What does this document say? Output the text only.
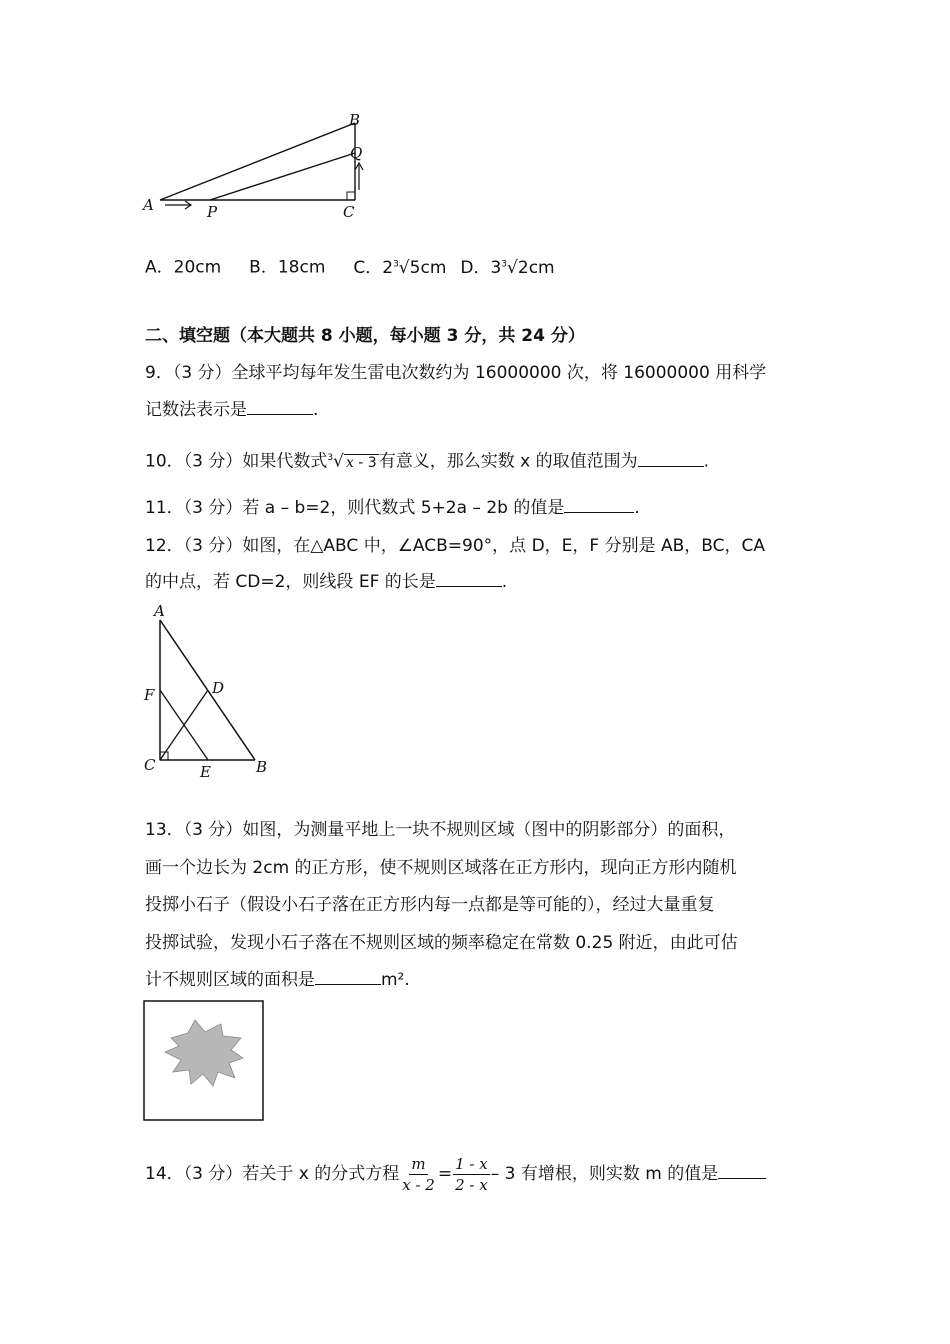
A	P	C
B
Q
A．20cm B．18cm C．$2^3√5cm$ D．$3^3√2cm$
二、填空题（本大题共 8 小题，每小题 3 分，共 24 分）
9．（3 分）全球平均每年发生雷电次数约为 16000000 次，将 16000000 用科学
记数法表示是	.
10．（3 分）如果代数式$^3$√ x - 3 有意义，那么实数 x 的取值范围为	.
11．（3 分）若 a – b=2，则代数式 5+2a – 2b 的值是	.
12．（3 分）如图，在△ABC 中，∠ACB=90°，点 D，E，F 分别是 AB，BC，CA
的中点，若 CD=2，则线段 EF 的长是	.
A
F	D
C	E	B
13．（3 分）如图，为测量平地上一块不规则区域（图中的阴影部分）的面积，
画一个边长为 2cm 的正方形，使不规则区域落在正方形内，现向正方形内随机
投掷小石子（假设小石子落在正方形内每一点都是等可能的），经过大量重复
投掷试验，发现小石子落在不规则区域的频率稳定在常数 0.25 附近，由此可估
计不规则区域的面积是	m².
14．（3 分）若关于 x 的分式方程 $\frac{m}{x - 2} = \frac{1 - x}{2 - x} - 3$ 有增根，则实数 m 的值是
